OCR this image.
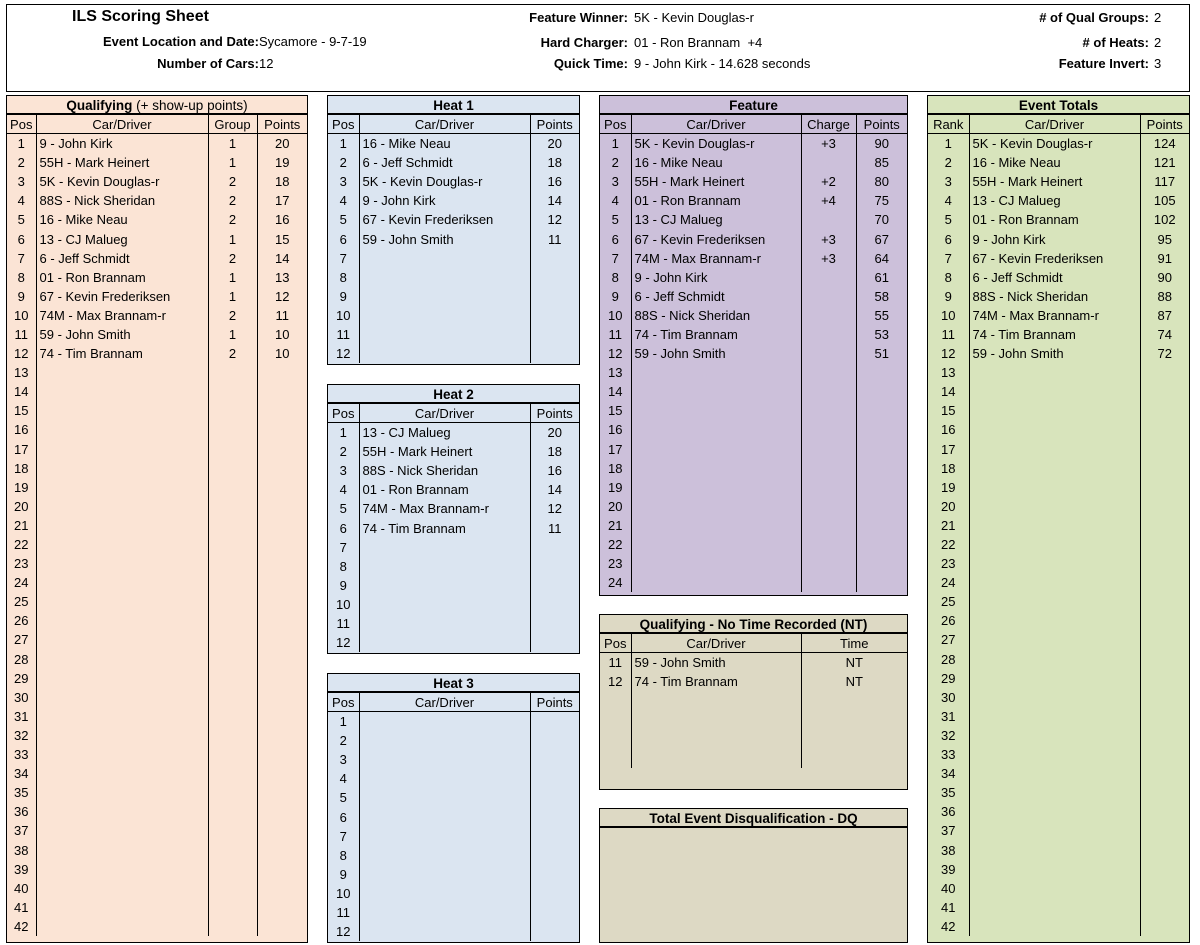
ILS Scoring Sheet
Event Location and Date: Sycamore - 9-7-19
Number of Cars: 12
Feature Winner: 5K - Kevin Douglas-r
Hard Charger: 01 - Ron Brannam  +4
Quick Time: 9 - John Kirk - 14.628 seconds
# of Qual Groups: 2
# of Heats: 2
Feature Invert: 3
Qualifying (+ show-up points)
Pos	Car/Driver	Group	Points
1	9 - John Kirk	1	20
2	55H - Mark Heinert	1	19
3	5K - Kevin Douglas-r	2	18
4	88S - Nick Sheridan	2	17
5	16 - Mike Neau	2	16
6	13 - CJ Malueg	1	15
7	6 - Jeff Schmidt	2	14
8	01 - Ron Brannam	1	13
9	67 - Kevin Frederiksen	1	12
10	74M - Max Brannam-r	2	11
11	59 - John Smith	1	10
12	74 - Tim Brannam	2	10
13			
14			
15			
16			
17			
18			
19			
20			
21			
22			
23			
24			
25			
26			
27			
28			
29			
30			
31			
32			
33			
34			
35			
36			
37			
38			
39			
40			
41			
42			
Heat 1
Pos	Car/Driver	Points
1	16 - Mike Neau	20
2	6 - Jeff Schmidt	18
3	5K - Kevin Douglas-r	16
4	9 - John Kirk	14
5	67 - Kevin Frederiksen	12
6	59 - John Smith	11
7		
8		
9		
10		
11		
12		
Heat 2
Pos	Car/Driver	Points
1	13 - CJ Malueg	20
2	55H - Mark Heinert	18
3	88S - Nick Sheridan	16
4	01 - Ron Brannam	14
5	74M - Max Brannam-r	12
6	74 - Tim Brannam	11
7		
8		
9		
10		
11		
12		
Heat 3
Pos	Car/Driver	Points
1		
2		
3		
4		
5		
6		
7		
8		
9		
10		
11		
12		
Feature
Pos	Car/Driver	Charge	Points
1	5K - Kevin Douglas-r	+3	90
2	16 - Mike Neau		85
3	55H - Mark Heinert	+2	80
4	01 - Ron Brannam	+4	75
5	13 - CJ Malueg		70
6	67 - Kevin Frederiksen	+3	67
7	74M - Max Brannam-r	+3	64
8	9 - John Kirk		61
9	6 - Jeff Schmidt		58
10	88S - Nick Sheridan		55
11	74 - Tim Brannam		53
12	59 - John Smith		51
13			
14			
15			
16			
17			
18			
19			
20			
21			
22			
23			
24			
Qualifying - No Time Recorded (NT)
Pos	Car/Driver	Time
11	59 - John Smith	NT
12	74 - Tim Brannam	NT

Total Event Disqualification - DQ
Event Totals
Rank	Car/Driver	Points
1	5K - Kevin Douglas-r	124
2	16 - Mike Neau	121
3	55H - Mark Heinert	117
4	13 - CJ Malueg	105
5	01 - Ron Brannam	102
6	9 - John Kirk	95
7	67 - Kevin Frederiksen	91
8	6 - Jeff Schmidt	90
9	88S - Nick Sheridan	88
10	74M - Max Brannam-r	87
11	74 - Tim Brannam	74
12	59 - John Smith	72
13		
14		
15		
16		
17		
18		
19		
20		
21		
22		
23		
24		
25		
26		
27		
28		
29		
30		
31		
32		
33		
34		
35		
36		
37		
38		
39		
40		
41		
42		
